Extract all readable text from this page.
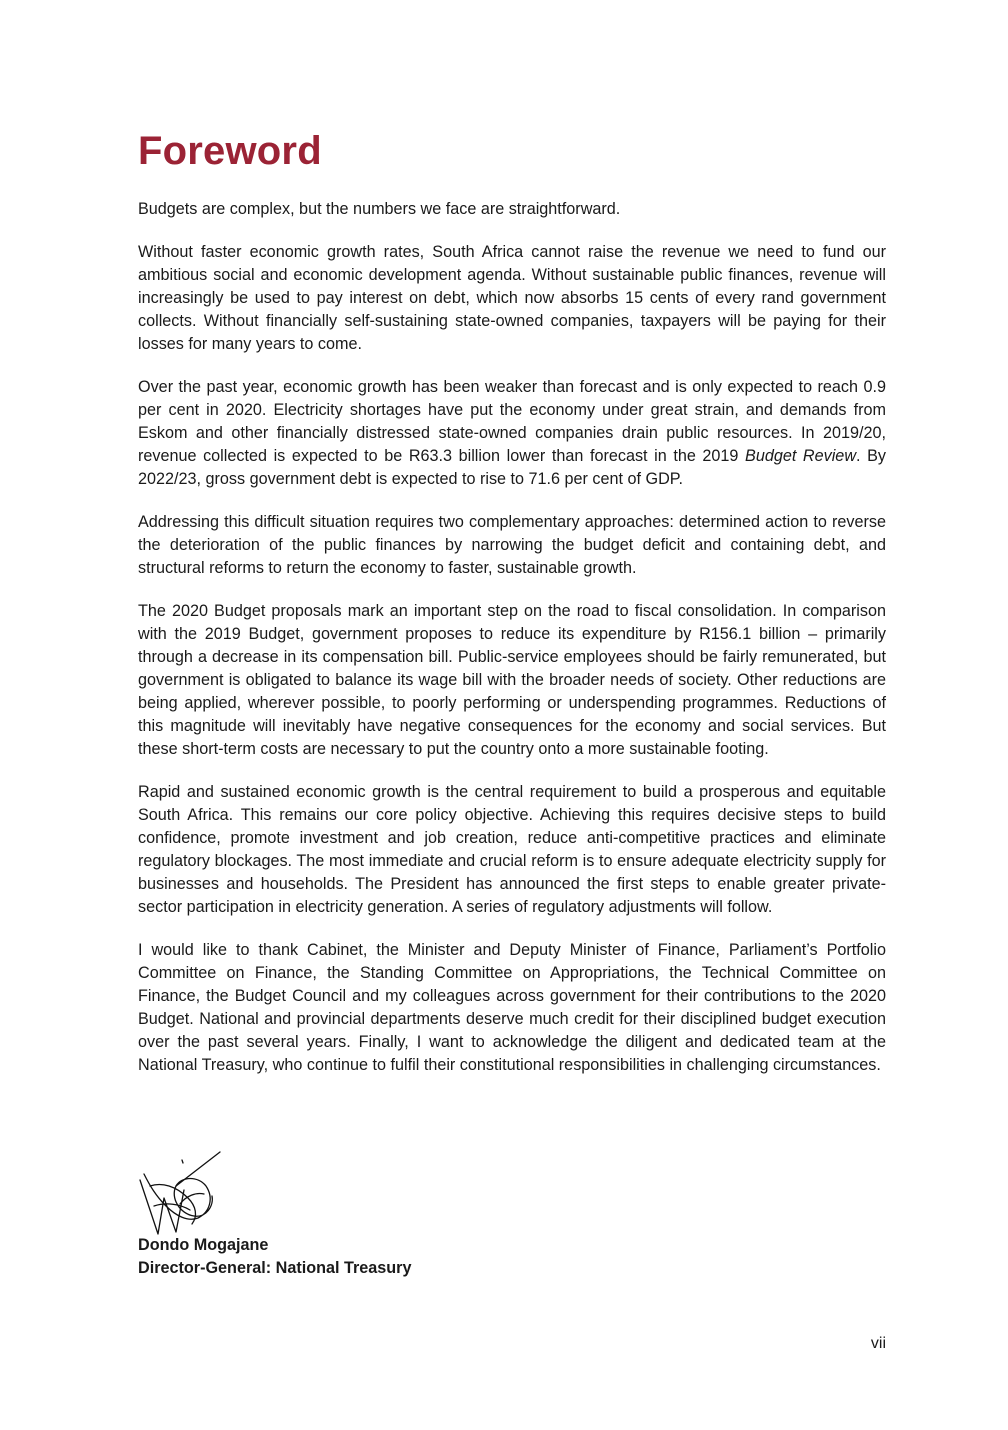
Foreword

Budgets are complex, but the numbers we face are straightforward.

Without faster economic growth rates, South Africa cannot raise the revenue we need to fund our ambitious social and economic development agenda. Without sustainable public finances, revenue will increasingly be used to pay interest on debt, which now absorbs 15 cents of every rand government collects. Without financially self-sustaining state-owned companies, taxpayers will be paying for their losses for many years to come.

Over the past year, economic growth has been weaker than forecast and is only expected to reach 0.9 per cent in 2020. Electricity shortages have put the economy under great strain, and demands from Eskom and other financially distressed state-owned companies drain public resources. In 2019/20, revenue collected is expected to be R63.3 billion lower than forecast in the 2019 Budget Review. By 2022/23, gross government debt is expected to rise to 71.6 per cent of GDP.

Addressing this difficult situation requires two complementary approaches: determined action to reverse the deterioration of the public finances by narrowing the budget deficit and containing debt, and structural reforms to return the economy to faster, sustainable growth.

The 2020 Budget proposals mark an important step on the road to fiscal consolidation. In comparison with the 2019 Budget, government proposes to reduce its expenditure by R156.1 billion – primarily through a decrease in its compensation bill. Public-service employees should be fairly remunerated, but government is obligated to balance its wage bill with the broader needs of society. Other reductions are being applied, wherever possible, to poorly performing or underspending programmes. Reductions of this magnitude will inevitably have negative consequences for the economy and social services. But these short-term costs are necessary to put the country onto a more sustainable footing.

Rapid and sustained economic growth is the central requirement to build a prosperous and equitable South Africa. This remains our core policy objective. Achieving this requires decisive steps to build confidence, promote investment and job creation, reduce anti-competitive practices and eliminate regulatory blockages. The most immediate and crucial reform is to ensure adequate electricity supply for businesses and households. The President has announced the first steps to enable greater private-sector participation in electricity generation. A series of regulatory adjustments will follow.

I would like to thank Cabinet, the Minister and Deputy Minister of Finance, Parliament’s Portfolio Committee on Finance, the Standing Committee on Appropriations, the Technical Committee on Finance, the Budget Council and my colleagues across government for their contributions to the 2020 Budget. National and provincial departments deserve much credit for their disciplined budget execution over the past several years. Finally, I want to acknowledge the diligent and dedicated team at the National Treasury, who continue to fulfil their constitutional responsibilities in challenging circumstances.

Dondo Mogajane
Director-General: National Treasury
vii
